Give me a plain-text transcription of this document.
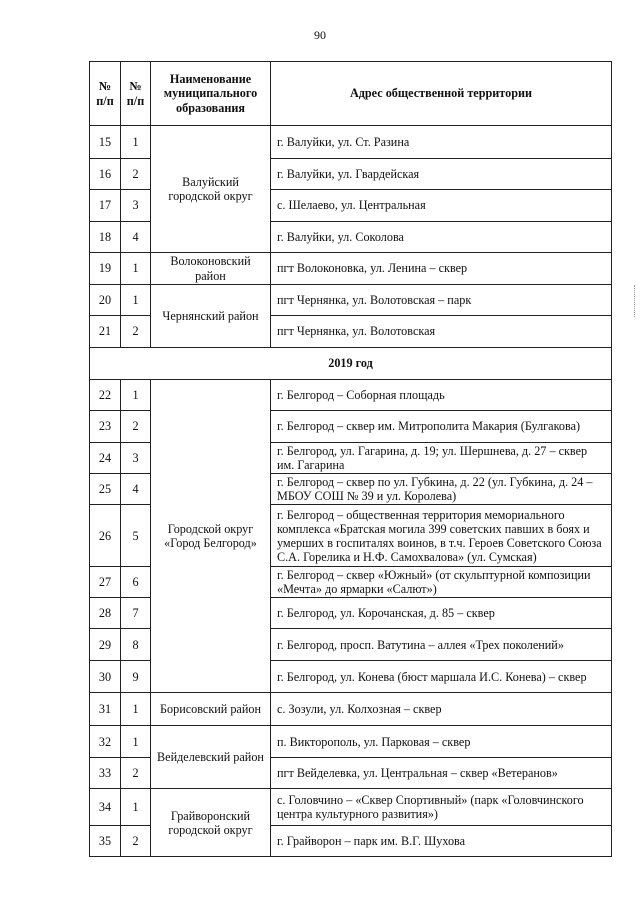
90
№ п/п	№ п/п	Наименование муниципального образования	Адрес общественной территории
15	1	Валуйский городской округ	г. Валуйки, ул. Ст. Разина
16	2		г. Валуйки, ул. Гвардейская
17	3		с. Шелаево, ул. Центральная
18	4		г. Валуйки, ул. Соколова
19	1	Волоконовский район	пгт Волоконовка, ул. Ленина – сквер
20	1	Чернянский район	пгт Чернянка, ул. Волотовская – парк
21	2		пгт Чернянка, ул. Волотовская
2019 год			
22	1	Городской округ «Город Белгород»	г. Белгород – Соборная площадь
23	2		г. Белгород – сквер им. Митрополита Макария (Булгакова)
24	3		г. Белгород, ул. Гагарина, д. 19; ул. Шершнева, д. 27 – сквер им. Гагарина
25	4		г. Белгород – сквер по ул. Губкина, д. 22 (ул. Губкина, д. 24 – МБОУ СОШ № 39 и ул. Королева)
26	5		г. Белгород – общественная территория мемориального комплекса «Братская могила 399 советских павших в боях и умерших в госпиталях воинов, в т.ч. Героев Советского Союза С.А. Горелика и Н.Ф. Самохвалова» (ул. Сумская)
27	6		г. Белгород – сквер «Южный» (от скульптурной композиции «Мечта» до ярмарки «Салют»)
28	7		г. Белгород, ул. Корочанская, д. 85 – сквер
29	8		г. Белгород, просп. Ватутина – аллея «Трех поколений»
30	9		г. Белгород, ул. Конева (бюст маршала И.С. Конева) – сквер
31	1	Борисовский район	с. Зозули, ул. Колхозная – сквер
32	1	Вейделевский район	п. Викторополь, ул. Парковая – сквер
33	2		пгт Вейделевка, ул. Центральная – сквер «Ветеранов»
34	1	Грайворонский городской округ	с. Головчино – «Сквер Спортивный» (парк «Головчинского центра культурного развития»)
35	2		г. Грайворон – парк им. В.Г. Шухова
